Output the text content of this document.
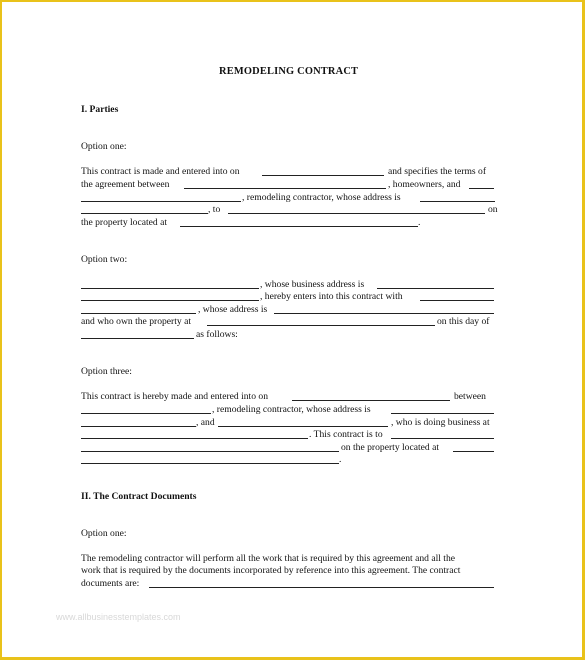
REMODELING CONTRACT
I. Parties
Option one:
This contract is made and entered into on	and specifies the terms of
the agreement between	, homeowners, and
, remodeling contractor, whose address is
, to	on
the property located at	.
Option two:
, whose business address is
, hereby enters into this contract with
, whose address is
and who own the property at	on this day of
as follows:
Option three:
This contract is hereby made and entered into on	between
, remodeling contractor, whose address is
, and	, who is doing business at
. This contract is to
on the property located at
.
II. The Contract Documents
Option one:
The remodeling contractor will perform all the work that is required by this agreement and all the
work that is required by the documents incorporated by reference into this agreement. The contract
documents are:
www.allbusinesstemplates.com
